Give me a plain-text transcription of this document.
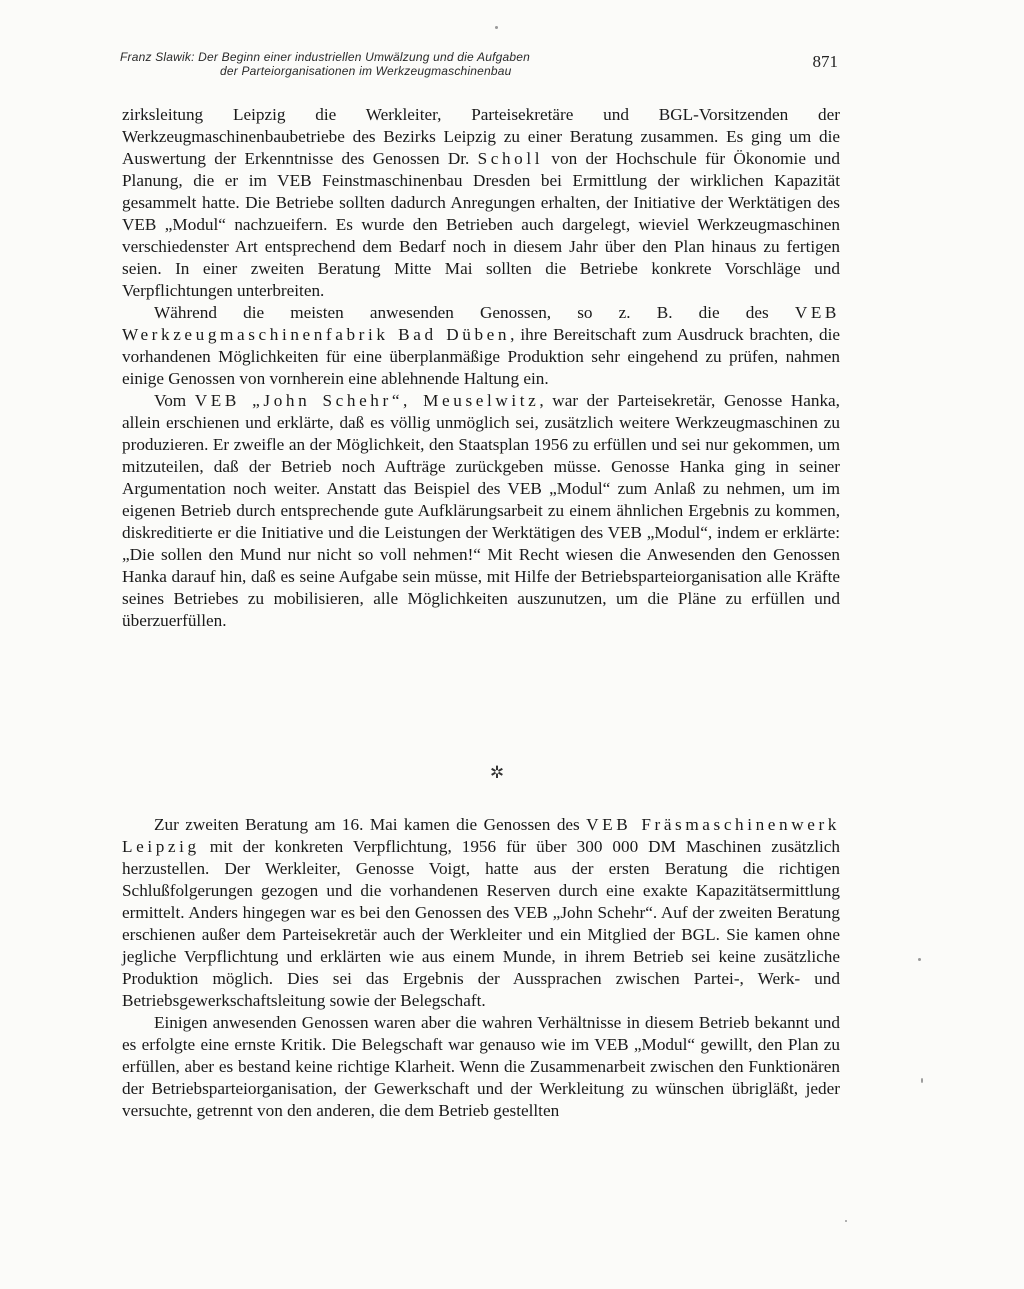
Franz Slawik: Der Beginn einer industriellen Umwälzung und die Aufgaben
der Parteiorganisationen im Werkzeugmaschinenbau	871

zirksleitung Leipzig die Werkleiter, Parteisekretäre und BGL-Vorsitzenden der Werkzeugmaschinenbaubetriebe des Bezirks Leipzig zu einer Beratung zusammen. Es ging um die Auswertung der Erkenntnisse des Genossen Dr. Scholl von der Hochschule für Ökonomie und Planung, die er im VEB Feinstmaschinenbau Dresden bei Ermittlung der wirklichen Kapazität gesammelt hatte. Die Betriebe sollten dadurch Anregungen erhalten, der Initiative der Werktätigen des VEB „Modul“ nachzueifern. Es wurde den Betrieben auch dargelegt, wieviel Werkzeugmaschinen verschiedenster Art entsprechend dem Bedarf noch in diesem Jahr über den Plan hinaus zu fertigen seien. In einer zweiten Beratung Mitte Mai sollten die Betriebe konkrete Vorschläge und Verpflichtungen unterbreiten.

Während die meisten anwesenden Genossen, so z. B. die des VEB Werkzeugmaschinenfabrik Bad Düben, ihre Bereitschaft zum Ausdruck brachten, die vorhandenen Möglichkeiten für eine überplanmäßige Produktion sehr eingehend zu prüfen, nahmen einige Genossen von vornherein eine ablehnende Haltung ein.

Vom VEB „John Schehr“, Meuselwitz, war der Parteisekretär, Genosse Hanka, allein erschienen und erklärte, daß es völlig unmöglich sei, zusätzlich weitere Werkzeugmaschinen zu produzieren. Er zweifle an der Möglichkeit, den Staatsplan 1956 zu erfüllen und sei nur gekommen, um mitzuteilen, daß der Betrieb noch Aufträge zurückgeben müsse. Genosse Hanka ging in seiner Argumentation noch weiter. Anstatt das Beispiel des VEB „Modul“ zum Anlaß zu nehmen, um im eigenen Betrieb durch entsprechende gute Aufklärungsarbeit zu einem ähnlichen Ergebnis zu kommen, diskreditierte er die Initiative und die Leistungen der Werktätigen des VEB „Modul“, indem er erklärte: „Die sollen den Mund nur nicht so voll nehmen!“ Mit Recht wiesen die Anwesenden den Genossen Hanka darauf hin, daß es seine Aufgabe sein müsse, mit Hilfe der Betriebsparteiorganisation alle Kräfte seines Betriebes zu mobilisieren, alle Möglichkeiten auszunutzen, um die Pläne zu erfüllen und überzuerfüllen.

✲

Zur zweiten Beratung am 16. Mai kamen die Genossen des VEB Fräsmaschinenwerk Leipzig mit der konkreten Verpflichtung, 1956 für über 300 000 DM Maschinen zusätzlich herzustellen. Der Werkleiter, Genosse Voigt, hatte aus der ersten Beratung die richtigen Schlußfolgerungen gezogen und die vorhandenen Reserven durch eine exakte Kapazitätsermittlung ermittelt. Anders hingegen war es bei den Genossen des VEB „John Schehr“. Auf der zweiten Beratung erschienen außer dem Parteisekretär auch der Werkleiter und ein Mitglied der BGL. Sie kamen ohne jegliche Verpflichtung und erklärten wie aus einem Munde, in ihrem Betrieb sei keine zusätzliche Produktion möglich. Dies sei das Ergebnis der Aussprachen zwischen Partei-, Werk- und Betriebsgewerkschaftsleitung sowie der Belegschaft.

Einigen anwesenden Genossen waren aber die wahren Verhältnisse in diesem Betrieb bekannt und es erfolgte eine ernste Kritik. Die Belegschaft war genauso wie im VEB „Modul“ gewillt, den Plan zu erfüllen, aber es bestand keine richtige Klarheit. Wenn die Zusammenarbeit zwischen den Funktionären der Betriebsparteiorganisation, der Gewerkschaft und der Werkleitung zu wünschen übrigläßt, jeder versuchte, getrennt von den anderen, die dem Betrieb gestellten
